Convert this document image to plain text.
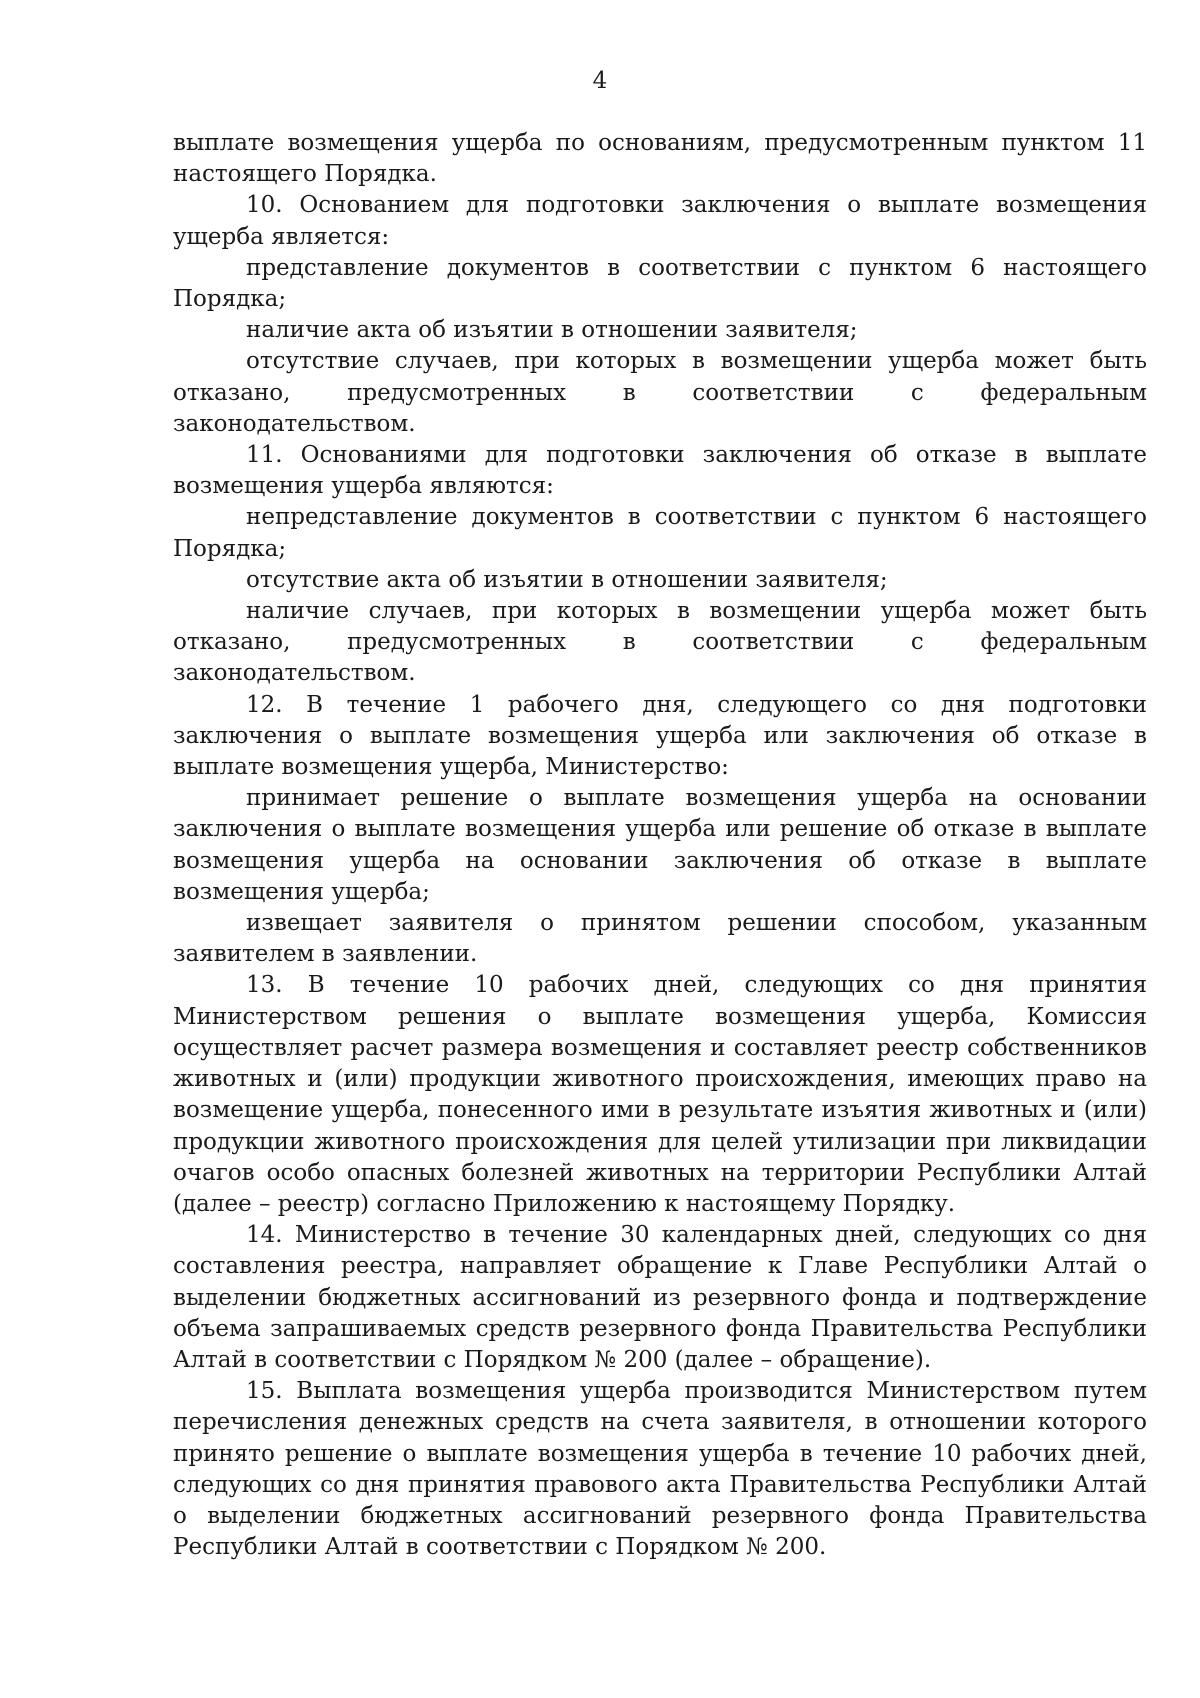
4

выплате возмещения ущерба по основаниям, предусмотренным пунктом 11 настоящего Порядка.

10. Основанием для подготовки заключения о выплате возмещения ущерба является:

представление документов в соответствии с пунктом 6 настоящего Порядка;

наличие акта об изъятии в отношении заявителя;

отсутствие случаев, при которых в возмещении ущерба может быть отказано, предусмотренных в соответствии с федеральным законодательством.

11. Основаниями для подготовки заключения об отказе в выплате возмещения ущерба являются:

непредставление документов в соответствии с пунктом 6 настоящего Порядка;

отсутствие акта об изъятии в отношении заявителя;

наличие случаев, при которых в возмещении ущерба может быть отказано, предусмотренных в соответствии с федеральным законодательством.

12. В течение 1 рабочего дня, следующего со дня подготовки заключения о выплате возмещения ущерба или заключения об отказе в выплате возмещения ущерба, Министерство:

принимает решение о выплате возмещения ущерба на основании заключения о выплате возмещения ущерба или решение об отказе в выплате возмещения ущерба на основании заключения об отказе в выплате возмещения ущерба;

извещает заявителя о принятом решении способом, указанным заявителем в заявлении.

13. В течение 10 рабочих дней, следующих со дня принятия Министерством решения о выплате возмещения ущерба, Комиссия осуществляет расчет размера возмещения и составляет реестр собственников животных и (или) продукции животного происхождения, имеющих право на возмещение ущерба, понесенного ими в результате изъятия животных и (или) продукции животного происхождения для целей утилизации при ликвидации очагов особо опасных болезней животных на территории Республики Алтай (далее – реестр) согласно Приложению к настоящему Порядку.

14. Министерство в течение 30 календарных дней, следующих со дня составления реестра, направляет обращение к Главе Республики Алтай о выделении бюджетных ассигнований из резервного фонда и подтверждение объема запрашиваемых средств резервного фонда Правительства Республики Алтай в соответствии с Порядком № 200 (далее – обращение).

15. Выплата возмещения ущерба производится Министерством путем перечисления денежных средств на счета заявителя, в отношении которого принято решение о выплате возмещения ущерба в течение 10 рабочих дней, следующих со дня принятия правового акта Правительства Республики Алтай о выделении бюджетных ассигнований резервного фонда Правительства Республики Алтай в соответствии с Порядком № 200.
